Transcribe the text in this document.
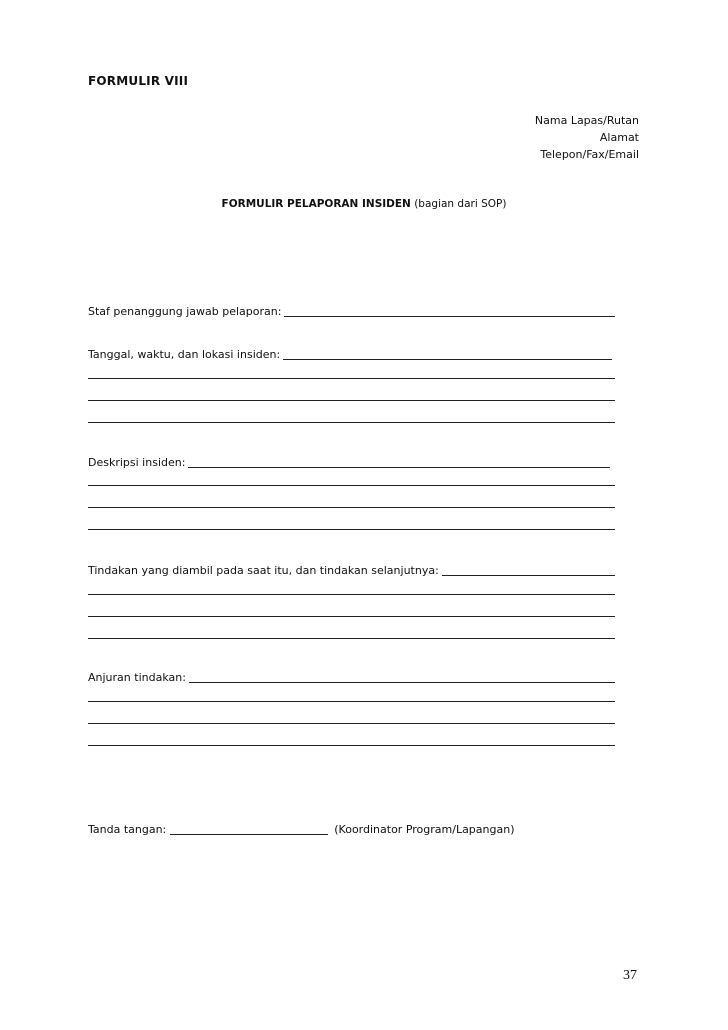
FORMULIR VIII
Nama Lapas/Rutan
Alamat
Telepon/Fax/Email
FORMULIR PELAPORAN INSIDEN (bagian dari SOP)
Staf penanggung jawab pelaporan:
Tanggal, waktu, dan lokasi insiden:
Deskripsi insiden:
Tindakan yang diambil pada saat itu, dan tindakan selanjutnya:
Anjuran tindakan:
Tanda tangan:	(Koordinator Program/Lapangan)
37
